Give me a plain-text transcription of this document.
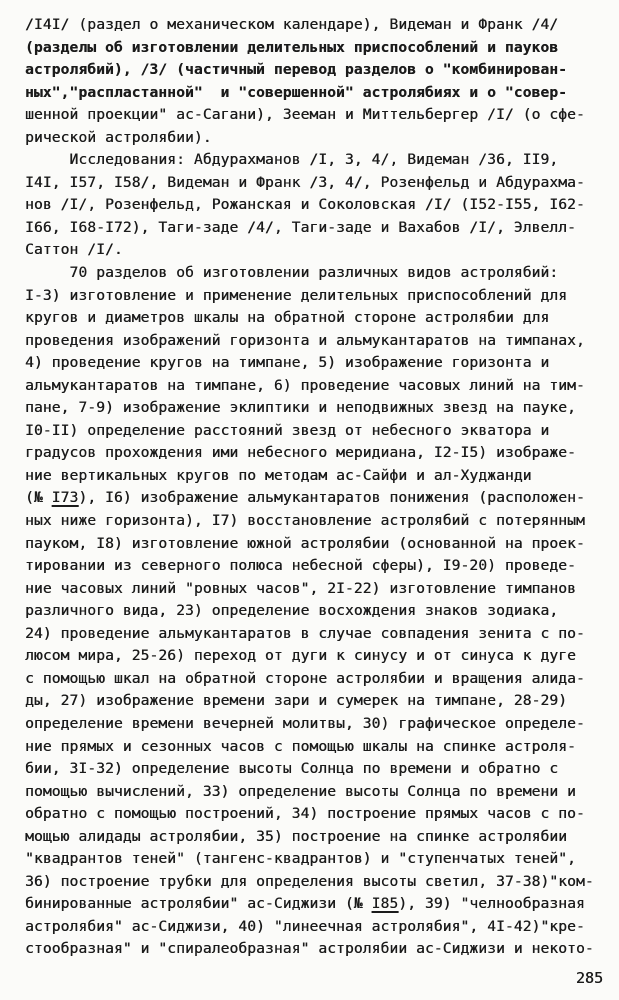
/I4I/ (раздел о механическом календаре), Видеман и Франк /4/
(разделы об изготовлении делительных приспособлений и пауков
астролябий), /3/ (частичный перевод разделов о "комбинирован-
ных","распластанной"  и "совершенной" астролябиях и о "совер-
шенной проекции" ас-Сагани), Зееман и Миттельбергер /I/ (о сфе-
рической астролябии).
Исследования: Абдурахманов /I, 3, 4/, Видеман /36, II9,
I4I, I57, I58/, Видеман и Франк /3, 4/, Розенфельд и Абдурахма-
нов /I/, Розенфельд, Рожанская и Соколовская /I/ (I52-I55, I62-
I66, I68-I72), Таги-заде /4/, Таги-заде и Вахабов /I/, Элвелл-
Саттон /I/.
70 разделов об изготовлении различных видов астролябий:
I-3) изготовление и применение делительных приспособлений для
кругов и диаметров шкалы на обратной стороне астролябии для
проведения изображений горизонта и альмукантаратов на тимпанах,
4) проведение кругов на тимпане, 5) изображение горизонта и
альмукантаратов на тимпане, 6) проведение часовых линий на тим-
пане, 7-9) изображение эклиптики и неподвижных звезд на пауке,
I0-II) определение расстояний звезд от небесного экватора и
градусов прохождения ими небесного меридиана, I2-I5) изображе-
ние вертикальных кругов по методам ас-Сайфи и ал-Худжанди
(№ I73), I6) изображение альмукантаратов понижения (расположен-
ных ниже горизонта), I7) восстановление астролябий с потерянным
пауком, I8) изготовление южной астролябии (основанной на проек-
тировании из северного полюса небесной сферы), I9-20) проведе-
ние часовых линий "ровных часов", 2I-22) изготовление тимпанов
различного вида, 23) определение восхождения знаков зодиака,
24) проведение альмукантаратов в случае совпадения зенита с по-
люсом мира, 25-26) переход от дуги к синусу и от синуса к дуге
с помощью шкал на обратной стороне астролябии и вращения алида-
ды, 27) изображение времени зари и сумерек на тимпане, 28-29)
определение времени вечерней молитвы, 30) графическое определе-
ние прямых и сезонных часов с помощью шкалы на спинке астроля-
бии, 3I-32) определение высоты Солнца по времени и обратно с
помощью вычислений, 33) определение высоты Солнца по времени и
обратно с помощью построений, 34) построение прямых часов с по-
мощью алидады астролябии, 35) построение на спинке астролябии
"квадрантов теней" (тангенс-квадрантов) и "ступенчатых теней",
36) построение трубки для определения высоты светил, 37-38)"ком-
бинированные астролябии" ас-Сиджизи (№ I85), 39) "челнообразная
астролябия" ас-Сиджизи, 40) "линеечная астролябия", 4I-42)"кре-
стообразная" и "спиралеобразная" астролябии ас-Сиджизи и некото-
285
